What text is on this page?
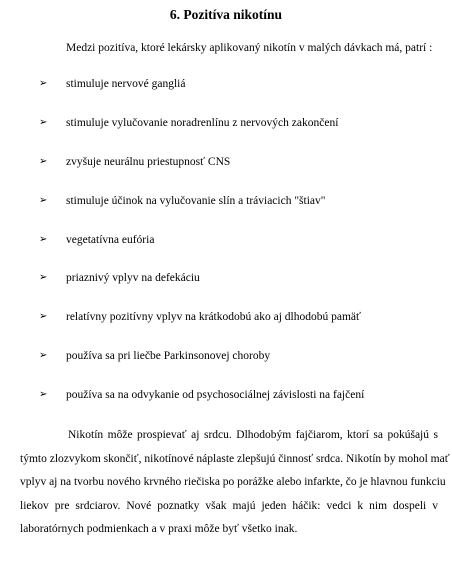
6. Pozitíva nikotínu
Medzi pozitíva, ktoré lekársky aplikovaný nikotín v malých dávkach má, patrí :
➢ stimuluje nervové gangliá
➢ stimuluje vylučovanie noradrenlínu z nervových zakončení
➢ zvyšuje neurálnu priestupnosť CNS
➢ stimuluje účinok na vylučovanie slín a tráviacich "štiav"
➢ vegetatívna eufória
➢ priaznivý vplyv na defekáciu
➢ relatívny pozitívny vplyv na krátkodobú ako aj dlhodobú pamäť
➢ používa sa pri liečbe Parkinsonovej choroby
➢ používa sa na odvykanie od psychosociálnej závislosti na fajčení
Nikotín môže prospievať aj srdcu. Dlhodobým fajčiarom, ktorí sa pokúšajú s
týmto zlozvykom skončiť, nikotínové náplaste zlepšujú činnosť srdca. Nikotín by mohol mať
vplyv aj na tvorbu nového krvného riečiska po porážke alebo infarkte, čo je hlavnou funkciu
liekov pre srdciarov. Nové poznatky však majú jeden háčik: vedci k nim dospeli v
laboratórnych podmienkach a v praxi môže byť všetko inak.
